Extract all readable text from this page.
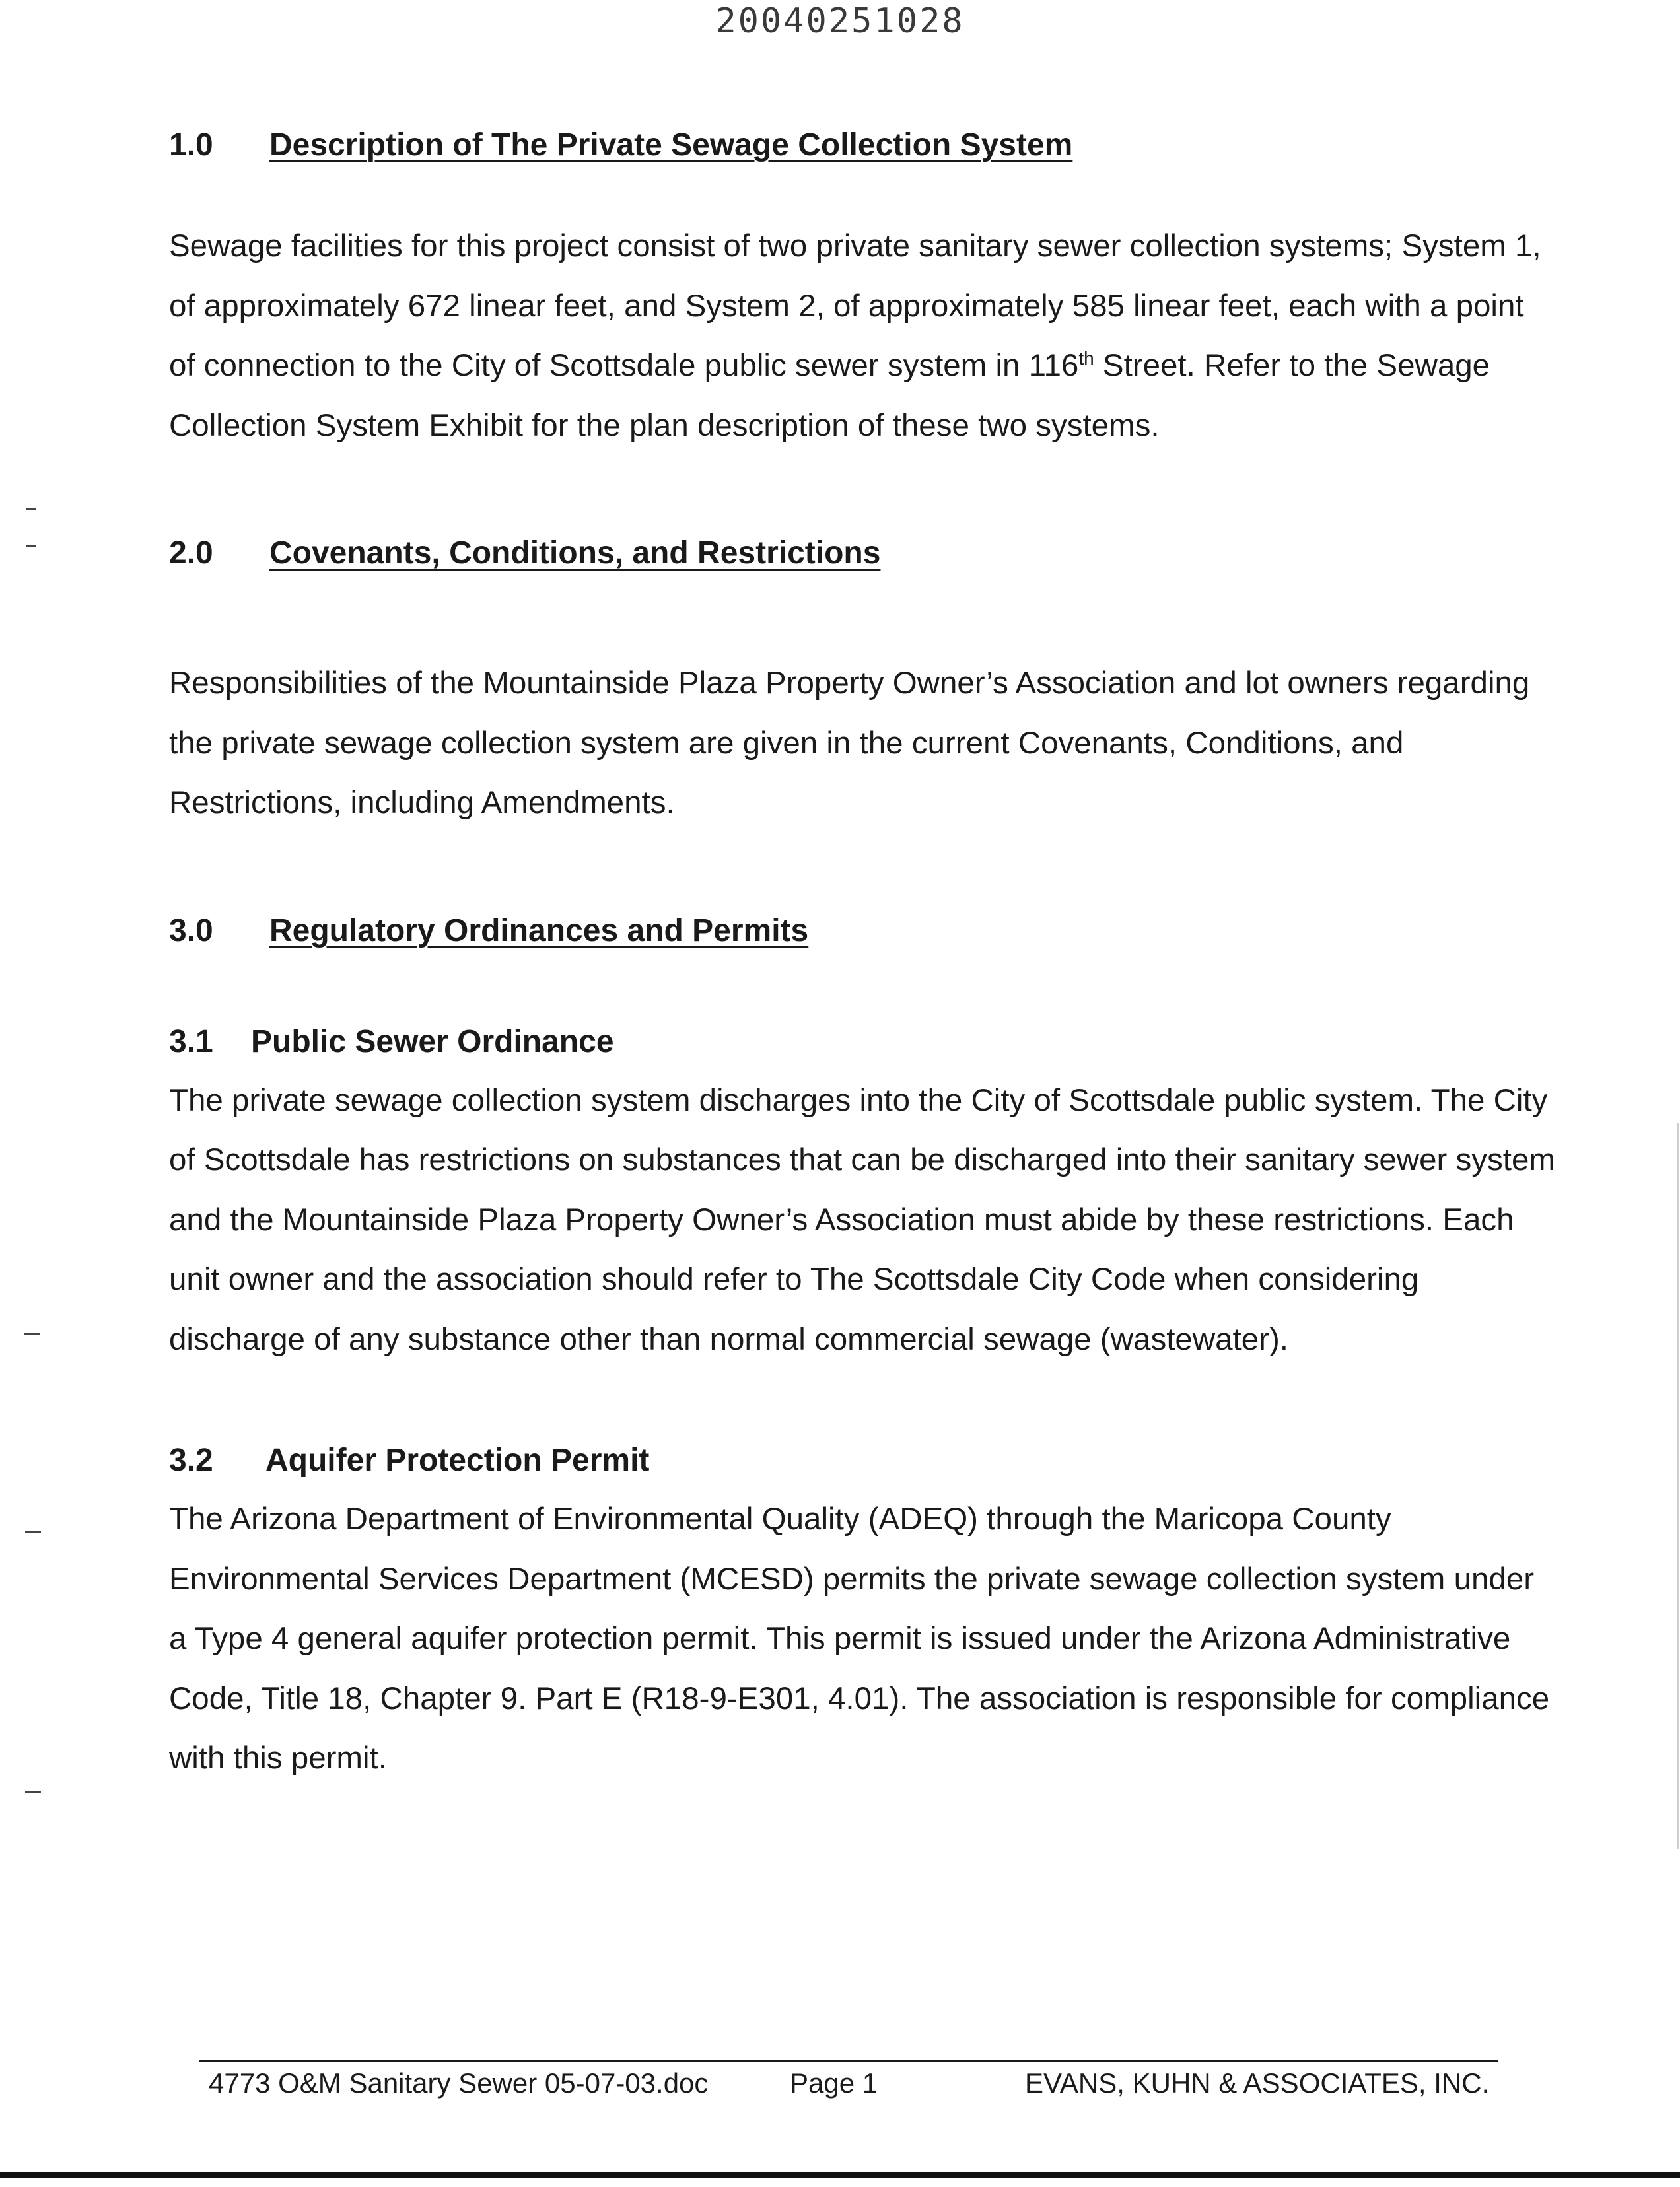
20040251028
1.0 Description of The Private Sewage Collection System

Sewage facilities for this project consist of two private sanitary sewer collection systems; System 1, of approximately 672 linear feet, and System 2, of approximately 585 linear feet, each with a point of connection to the City of Scottsdale public sewer system in 116th Street. Refer to the Sewage Collection System Exhibit for the plan description of these two systems.

2.0 Covenants, Conditions, and Restrictions

Responsibilities of the Mountainside Plaza Property Owner’s Association and lot owners regarding the private sewage collection system are given in the current Covenants, Conditions, and Restrictions, including Amendments.

3.0 Regulatory Ordinances and Permits
3.1 Public Sewer Ordinance

The private sewage collection system discharges into the City of Scottsdale public system. The City of Scottsdale has restrictions on substances that can be discharged into their sanitary sewer system and the Mountainside Plaza Property Owner’s Association must abide by these restrictions. Each unit owner and the association should refer to The Scottsdale City Code when considering discharge of any substance other than normal commercial sewage (wastewater).

3.2 Aquifer Protection Permit

The Arizona Department of Environmental Quality (ADEQ) through the Maricopa County Environmental Services Department (MCESD) permits the private sewage collection system under a Type 4 general aquifer protection permit. This permit is issued under the Arizona Administrative Code, Title 18, Chapter 9. Part E (R18-9-E301, 4.01). The association is responsible for compliance with this permit.

4773 O&M Sanitary Sewer 05-07-03.doc	Page 1	EVANS, KUHN & ASSOCIATES, INC.
